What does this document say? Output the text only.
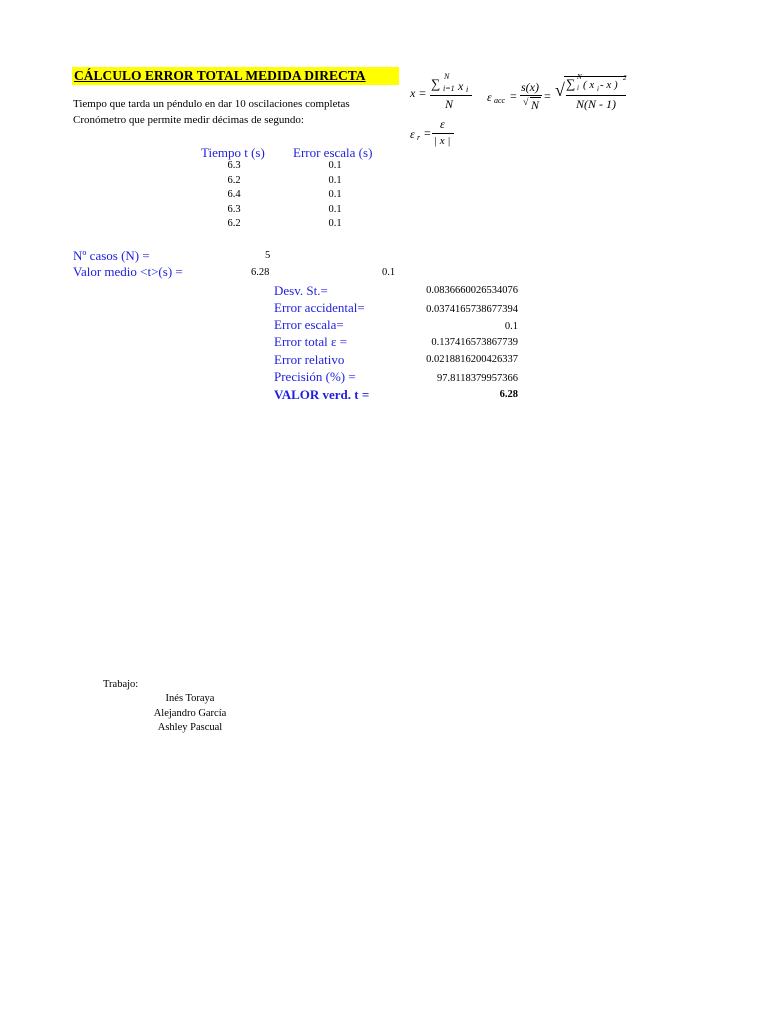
CÁLCULO ERROR TOTAL MEDIDA DIRECTA
Tiempo que tarda un péndulo en dar 10 oscilaciones completas
Cronómetro que permite medir décimas de segundo:
x =
∑ N
i=1 x i
N	ε acc =
s(x)
√ N
= √ ∑ N
i ( x i - x )
2
N(N - 1)
ε r =
ε
| x |
Tiempo t (s) Error escala (s)
6.3	0.1
6.2	0.1
6.4	0.1
6.3	0.1
6.2	0.1
Nº casos (N) =	5
Valor medio <t>(s) =	6.28	0.1
Desv. St.=	0.0836660026534076
Error accidental=	0.0374165738677394
Error escala=	0.1
Error total ε =	0.137416573867739
Error relativo	0.0218816200426337
Precisión (%) =	97.8118379957366
VALOR verd. t =	6.28
Trabajo:
Inés Toraya
Alejandro García
Ashley Pascual
